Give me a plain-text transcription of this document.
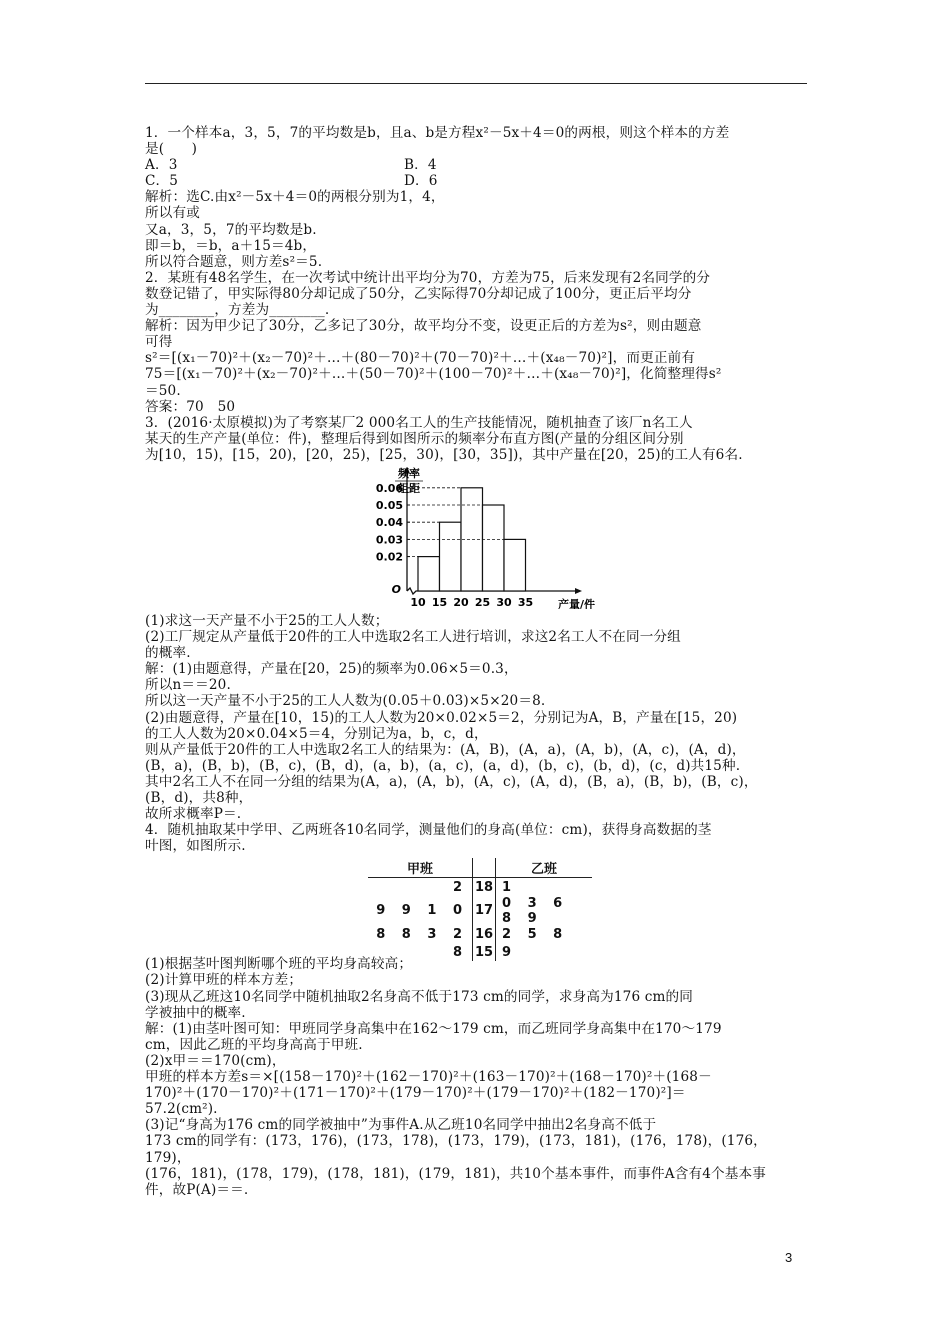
1．一个样本a，3，5，7的平均数是b，且a、b是方程x²－5x＋4＝0的两根，则这个样本的方差
是(　　)
A．3	B．4
C．5	D．6
解析：选C.由x²－5x＋4＝0的两根分别为1，4，
所以有或
又a，3，5，7的平均数是b.
即＝b，＝b，a＋15＝4b，
所以符合题意，则方差s²＝5.
2．某班有48名学生，在一次考试中统计出平均分为70，方差为75，后来发现有2名同学的分
数登记错了，甲实际得80分却记成了50分，乙实际得70分却记成了100分，更正后平均分
为________，方差为________.
解析：因为甲少记了30分，乙多记了30分，故平均分不变，设更正后的方差为s²，则由题意
可得
s²＝[(x₁－70)²＋(x₂－70)²＋…＋(80－70)²＋(70－70)²＋…＋(x₄₈－70)²]，而更正前有
75＝[(x₁－70)²＋(x₂－70)²＋…＋(50－70)²＋(100－70)²＋…＋(x₄₈－70)²]，化简整理得s²
＝50.
答案：70　50
3．(2016·太原模拟)为了考察某厂2 000名工人的生产技能情况，随机抽查了该厂n名工人
某天的生产产量(单位：件)，整理后得到如图所示的频率分布直方图(产量的分组区间分别
为[10，15)，[15，20)，[20，25)，[25，30)，[30，35])，其中产量在[20，25)的工人有6名.
频率
组距
0.02
0.03
0.04
0.05
0.06
10 15 20 25 30 35
O
产量/件
(1)求这一天产量不小于25的工人人数；
(2)工厂规定从产量低于20件的工人中选取2名工人进行培训，求这2名工人不在同一分组
的概率.
解：(1)由题意得，产量在[20，25)的频率为0.06×5＝0.3，
所以n＝＝20.
所以这一天产量不小于25的工人人数为(0.05＋0.03)×5×20＝8.
(2)由题意得，产量在[10，15)的工人人数为20×0.02×5＝2，分别记为A，B，产量在[15，20)
的工人人数为20×0.04×5＝4，分别记为a，b，c，d，
则从产量低于20件的工人中选取2名工人的结果为：(A，B)，(A，a)，(A，b)，(A，c)，(A，d)，
(B，a)，(B，b)，(B，c)，(B，d)，(a，b)，(a，c)，(a，d)，(b，c)，(b，d)，(c，d)共15种.
其中2名工人不在同一分组的结果为(A，a)，(A，b)，(A，c)，(A，d)，(B，a)，(B，b)，(B，c)，
(B，d)，共8种，
故所求概率P＝.
4．随机抽取某中学甲、乙两班各10名同学，测量他们的身高(单位：cm)，获得身高数据的茎
叶图，如图所示.
甲班		乙班
2	18	1
9 9 1 0	17	0 3 6 8 9
8 8 3 2	16	2 5 8
8	15	9
(1)根据茎叶图判断哪个班的平均身高较高；
(2)计算甲班的样本方差；
(3)现从乙班这10名同学中随机抽取2名身高不低于173 cm的同学，求身高为176 cm的同
学被抽中的概率.
解：(1)由茎叶图可知：甲班同学身高集中在162～179 cm，而乙班同学身高集中在170～179
cm，因此乙班的平均身高高于甲班.
(2)x甲＝＝170(cm)，
甲班的样本方差s＝×[(158－170)²＋(162－170)²＋(163－170)²＋(168－170)²＋(168－
170)²＋(170－170)²＋(171－170)²＋(179－170)²＋(179－170)²＋(182－170)²]＝
57.2(cm²).
(3)记“身高为176 cm的同学被抽中”为事件A.从乙班10名同学中抽出2名身高不低于
173 cm的同学有：(173，176)，(173，178)，(173，179)，(173，181)，(176，178)，(176，179)，
(176，181)，(178，179)，(178，181)，(179，181)，共10个基本事件，而事件A含有4个基本事
件，故P(A)＝＝.
3
